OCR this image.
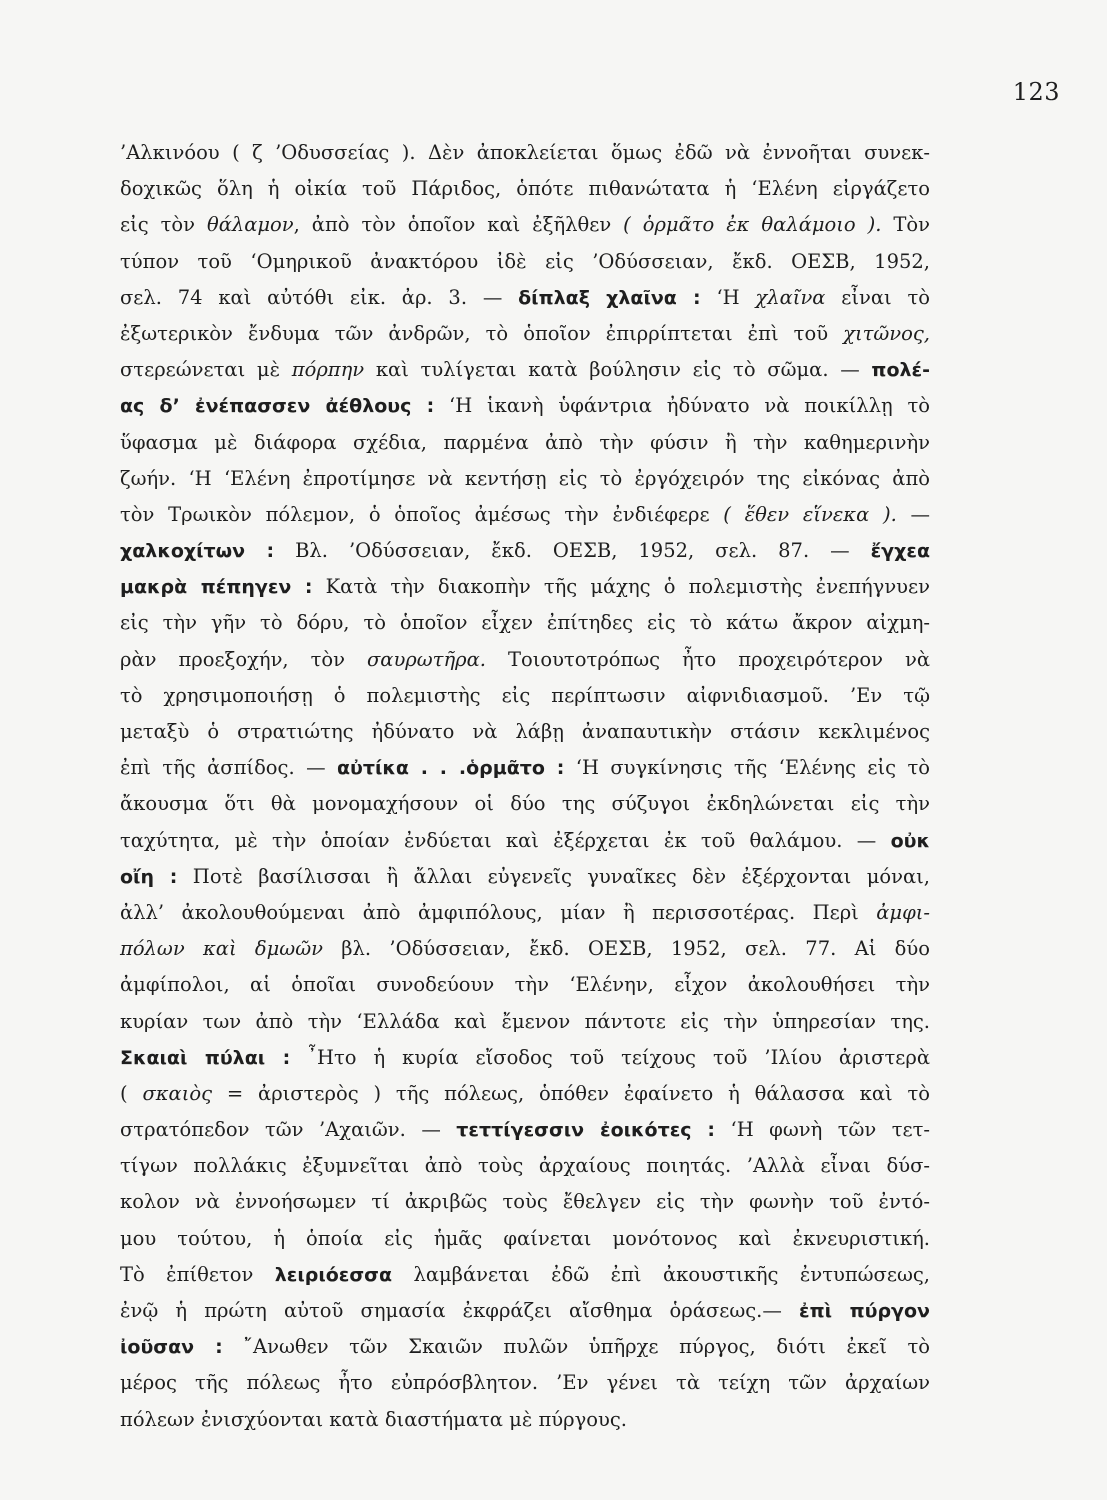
123
’Αλκινόου ( ζ ’Οδυσσείας ). Δὲν ἀποκλείεται ὅμως ἐδῶ νὰ ἐννοῆται συνεκ-
δοχικῶς ὅλη ἡ οἰκία τοῦ Πάριδος, ὁπότε πιθανώτατα ἡ ‘Ελένη εἰργάζετο
εἰς τὸν θάλαμον, ἀπὸ τὸν ὁποῖον καὶ ἐξῆλθεν ( ὁρμᾶτο ἐκ θαλάμοιο ). Τὸν
τύπον τοῦ ‘Ομηρικοῦ ἀνακτόρου ἰδὲ εἰς ’Οδύσσειαν, ἔκδ. ΟΕΣΒ, 1952,
σελ. 74 καὶ αὐτόθι εἰκ. ἀρ. 3. — δίπλαξ χλαῖνα : ‘Η χλαῖνα εἶναι τὸ
ἐξωτερικὸν ἔνδυμα τῶν ἀνδρῶν, τὸ ὁποῖον ἐπιρρίπτεται ἐπὶ τοῦ χιτῶνος,
στερεώνεται μὲ πόρπην καὶ τυλίγεται κατὰ βούλησιν εἰς τὸ σῶμα. — πολέ-
ας δ’ ἐνέπασσεν ἀέθλους : ‘Η ἱκανὴ ὑφάντρια ἠδύνατο νὰ ποικίλλῃ τὸ
ὕφασμα μὲ διάφορα σχέδια, παρμένα ἀπὸ τὴν φύσιν ἢ τὴν καθημερινὴν
ζωήν. ‘Η ‘Ελένη ἐπροτίμησε νὰ κεντήσῃ εἰς τὸ ἐργόχειρόν της εἰκόνας ἀπὸ
τὸν Τρωικὸν πόλεμον, ὁ ὁποῖος ἀμέσως τὴν ἐνδιέφερε ( ἕθεν εἵνεκα ). —
χαλκοχίτων : Βλ. ’Οδύσσειαν, ἔκδ. ΟΕΣΒ, 1952, σελ. 87. — ἔγχεα
μακρὰ πέπηγεν : Κατὰ τὴν διακοπὴν τῆς μάχης ὁ πολεμιστὴς ἐνεπήγνυεν
εἰς τὴν γῆν τὸ δόρυ, τὸ ὁποῖον εἶχεν ἐπίτηδες εἰς τὸ κάτω ἄκρον αἰχμη-
ρὰν προεξοχήν, τὸν σαυρωτῆρα. Τοιουτοτρόπως ἦτο προχειρότερον νὰ
τὸ χρησιμοποιήσῃ ὁ πολεμιστὴς εἰς περίπτωσιν αἰφνιδιασμοῦ. ’Εν τῷ
μεταξὺ ὁ στρατιώτης ἠδύνατο νὰ λάβῃ ἀναπαυτικὴν στάσιν κεκλιμένος
ἐπὶ τῆς ἀσπίδος. — αὐτίκα . . .ὁρμᾶτο : ‘Η συγκίνησις τῆς ‘Ελένης εἰς τὸ
ἄκουσμα ὅτι θὰ μονομαχήσουν οἱ δύο της σύζυγοι ἐκδηλώνεται εἰς τὴν
ταχύτητα, μὲ τὴν ὁποίαν ἐνδύεται καὶ ἐξέρχεται ἐκ τοῦ θαλάμου. — οὐκ
οἴη : Ποτὲ βασίλισσαι ἢ ἄλλαι εὐγενεῖς γυναῖκες δὲν ἐξέρχονται μόναι,
ἀλλ’ ἀκολουθούμεναι ἀπὸ ἀμφιπόλους, μίαν ἢ περισσοτέρας. Περὶ ἀμφι-
πόλων καὶ δμωῶν βλ. ’Οδύσσειαν, ἔκδ. ΟΕΣΒ, 1952, σελ. 77. Αἱ δύο
ἀμφίπολοι, αἱ ὁποῖαι συνοδεύουν τὴν ‘Ελένην, εἶχον ἀκολουθήσει τὴν
κυρίαν των ἀπὸ τὴν ‘Ελλάδα καὶ ἔμενον πάντοτε εἰς τὴν ὑπηρεσίαν της.
Σκαιαὶ πύλαι : ῏Ητο ἡ κυρία εἴσοδος τοῦ τείχους τοῦ ’Ιλίου ἀριστερὰ
( σκαιὸς = ἀριστερὸς ) τῆς πόλεως, ὁπόθεν ἐφαίνετο ἡ θάλασσα καὶ τὸ
στρατόπεδον τῶν ’Αχαιῶν. — τεττίγεσσιν ἐοικότες : ‘Η φωνὴ τῶν τετ-
τίγων πολλάκις ἐξυμνεῖται ἀπὸ τοὺς ἀρχαίους ποιητάς. ’Αλλὰ εἶναι δύσ-
κολον νὰ ἐννοήσωμεν τί ἀκριβῶς τοὺς ἔθελγεν εἰς τὴν φωνὴν τοῦ ἐντό-
μου τούτου, ἡ ὁποία εἰς ἡμᾶς φαίνεται μονότονος καὶ ἐκνευριστική.
Τὸ ἐπίθετον λειριόεσσα λαμβάνεται ἐδῶ ἐπὶ ἀκουστικῆς ἐντυπώσεως,
ἐνῷ ἡ πρώτη αὐτοῦ σημασία ἐκφράζει αἴσθημα ὁράσεως.— ἐπὶ πύργον
ἰοῦσαν : ῎Ανωθεν τῶν Σκαιῶν πυλῶν ὑπῆρχε πύργος, διότι ἐκεῖ τὸ
μέρος τῆς πόλεως ἦτο εὐπρόσβλητον. ’Εν γένει τὰ τείχη τῶν ἀρχαίων
πόλεων ἐνισχύονται κατὰ διαστήματα μὲ πύργους.
